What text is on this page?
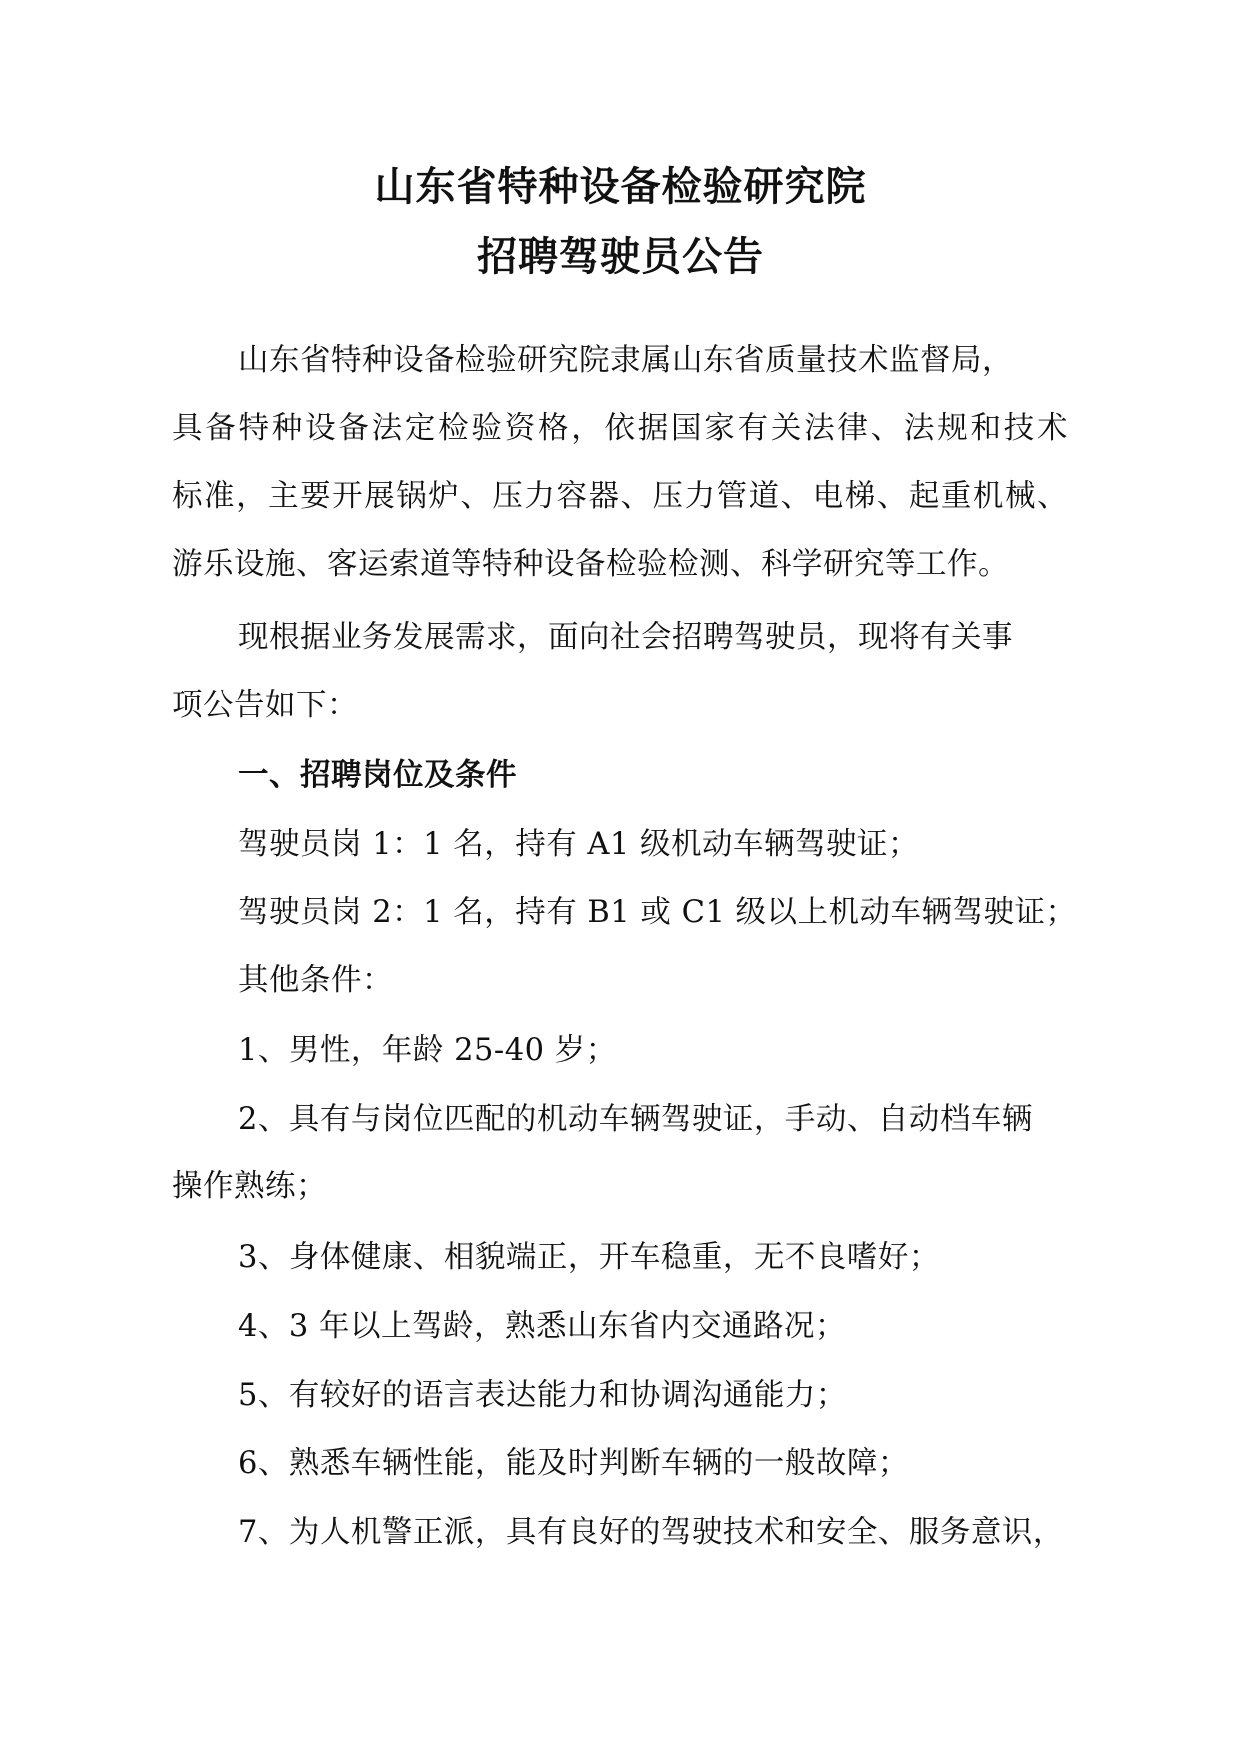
山东省特种设备检验研究院
招聘驾驶员公告
山东省特种设备检验研究院隶属山东省质量技术监督局，
具备特种设备法定检验资格，依据国家有关法律、法规和技术
标准，主要开展锅炉、压力容器、压力管道、电梯、起重机械、
游乐设施、客运索道等特种设备检验检测、科学研究等工作。
现根据业务发展需求，面向社会招聘驾驶员，现将有关事
项公告如下：
一、招聘岗位及条件
驾驶员岗 1：1 名，持有 A1 级机动车辆驾驶证；
驾驶员岗 2：1 名，持有 B1 或 C1 级以上机动车辆驾驶证；
其他条件：
1、男性，年龄 25-40 岁；
2、具有与岗位匹配的机动车辆驾驶证，手动、自动档车辆
操作熟练；
3、身体健康、相貌端正，开车稳重，无不良嗜好；
4、3 年以上驾龄，熟悉山东省内交通路况；
5、有较好的语言表达能力和协调沟通能力；
6、熟悉车辆性能，能及时判断车辆的一般故障；
7、为人机警正派，具有良好的驾驶技术和安全、服务意识，
